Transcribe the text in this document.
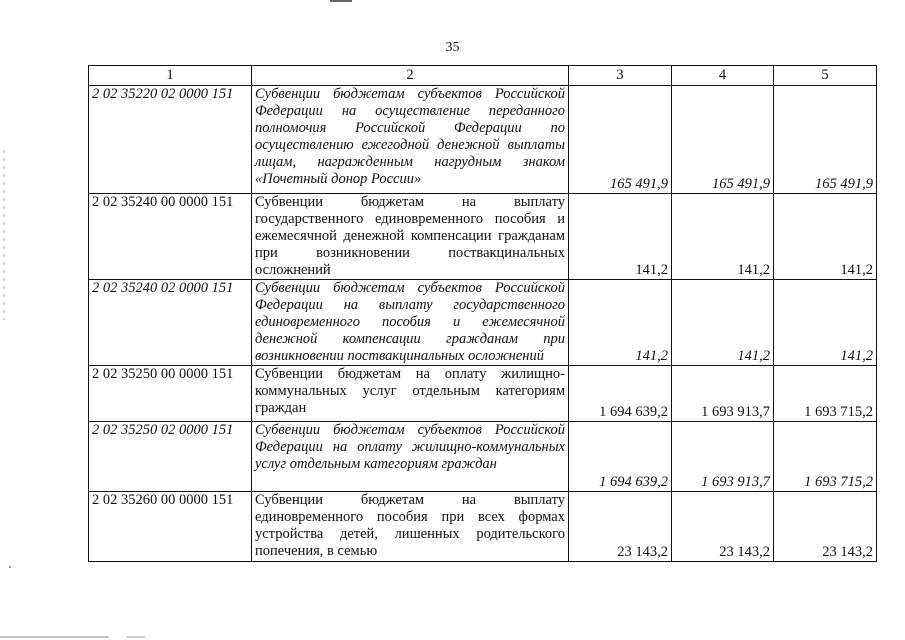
35
1	2	3	4	5
2 02 35220 02 0000 151	Субвенции бюджетам субъектов Российской Федерации на осуществление переданного полномочия Российской Федерации по осуществлению ежегодной денежной выплаты лицам, награжденным нагрудным знаком «Почетный донор России»	165 491,9	165 491,9	165 491,9
2 02 35240 00 0000 151	Субвенции бюджетам на выплату государственного единовременного пособия и ежемесячной денежной компенсации гражданам при возникновении поствакцинальных осложнений	141,2	141,2	141,2
2 02 35240 02 0000 151	Субвенции бюджетам субъектов Российской Федерации на выплату государственного единовременного пособия и ежемесячной денежной компенсации гражданам при возникновении поствакцинальных осложнений	141,2	141,2	141,2
2 02 35250 00 0000 151	Субвенции бюджетам на оплату жилищно-коммунальных услуг отдельным категориям граждан	1 694 639,2	1 693 913,7	1 693 715,2
2 02 35250 02 0000 151	Субвенции бюджетам субъектов Российской Федерации на оплату жилищно-коммунальных услуг отдельным категориям граждан	1 694 639,2	1 693 913,7	1 693 715,2
2 02 35260 00 0000 151	Субвенции бюджетам на выплату единовременного пособия при всех формах устройства детей, лишенных родительского попечения, в семью	23 143,2	23 143,2	23 143,2
